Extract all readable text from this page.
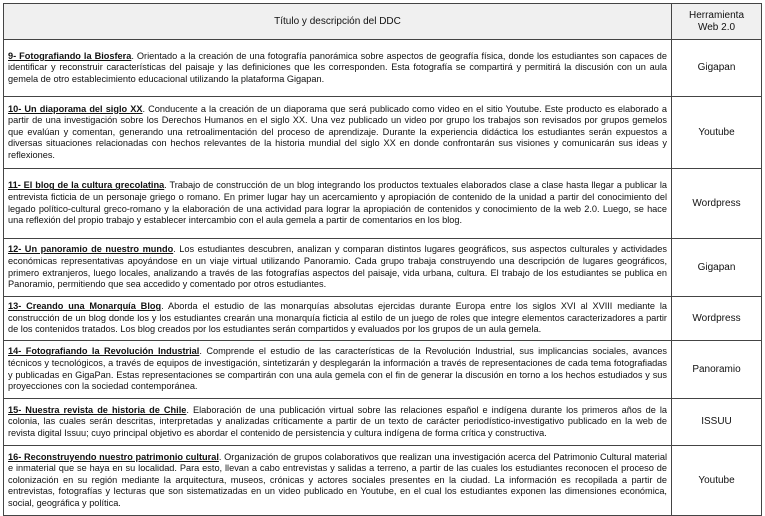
Título y descripción del DDC	Herramienta
Web 2.0
9- Fotografiando la Biosfera. Orientado a la creación de una fotografía panorámica sobre aspectos de geografía física, donde los estudiantes son capaces de identificar y reconstruir características del paisaje y las definiciones que les corresponden. Esta fotografía se compartirá y permitirá la discusión con un aula gemela de otro establecimiento educacional utilizando la plataforma Gigapan.	Gigapan
10- Un diaporama del siglo XX. Conducente a la creación de un diaporama que será publicado como video en el sitio Youtube. Este producto es elaborado a partir de una investigación sobre los Derechos Humanos en el siglo XX. Una vez publicado un video por grupo los trabajos son revisados por grupos gemelos que evalúan y comentan, generando una retroalimentación del proceso de aprendizaje. Durante la experiencia didáctica los estudiantes serán expuestos a diversas situaciones relacionadas con hechos relevantes de la historia mundial del siglo XX en donde confrontarán sus visiones y comunicarán sus ideas y reflexiones.	Youtube
11- El blog de la cultura grecolatina. Trabajo de construcción de un blog integrando los productos textuales elaborados clase a clase hasta llegar a publicar la entrevista ficticia de un personaje griego o romano. En primer lugar hay un acercamiento y apropiación de contenido de la unidad a partir del conocimiento del legado político-cultural greco-romano y la elaboración de una actividad para lograr la apropiación de contenidos y conocimiento de la web 2.0. Luego, se hace una reflexión del propio trabajo y establecer intercambio con el aula gemela a partir de comentarios en los blog.	Wordpress
12- Un panoramio de nuestro mundo. Los estudiantes descubren, analizan y comparan distintos lugares geográficos, sus aspectos culturales y actividades económicas representativas apoyándose en un viaje virtual utilizando Panoramio. Cada grupo trabaja construyendo una descripción de lugares geográficos, primero extranjeros, luego locales, analizando a través de las fotografías aspectos del paisaje, vida urbana, cultura. El trabajo de los estudiantes se publica en Panoramio, permitiendo que sea accedido y comentado por otros estudiantes.	Gigapan
13- Creando una Monarquía Blog. Aborda el estudio de las monarquías absolutas ejercidas durante Europa entre los siglos XVI al XVIII mediante la construcción de un blog donde los y los estudiantes crearán una monarquía ficticia al estilo de un juego de roles que integre elementos caracterizadores a partir de los contenidos tratados. Los blog creados por los estudiantes serán compartidos y evaluados por los grupos de un aula gemela.	Wordpress
14- Fotografiando la Revolución Industrial. Comprende el estudio de las características de la Revolución Industrial, sus implicancias sociales, avances técnicos y tecnológicos, a través de equipos de investigación, sintetizarán y desplegarán la información a través de representaciones de cada tema fotografiadas y publicadas en GigaPan. Estas representaciones se compartirán con una aula gemela con el fin de generar la discusión en torno a los hechos estudiados y sus proyecciones con la sociedad contemporánea.	Panoramio
15- Nuestra revista de historia de Chile. Elaboración de una publicación virtual sobre las relaciones español e indígena durante los primeros años de la colonia, las cuales serán descritas, interpretadas y analizadas críticamente a partir de un texto de carácter periodístico-investigativo publicado en la web de revista digital Issuu; cuyo principal objetivo es abordar el contenido de persistencia y cultura indígena de forma crítica y constructiva.	ISSUU
16- Reconstruyendo nuestro patrimonio cultural. Organización de grupos colaborativos que realizan una investigación acerca del Patrimonio Cultural material e inmaterial que se haya en su localidad. Para esto, llevan a cabo entrevistas y salidas a terreno, a partir de las cuales los estudiantes reconocen el proceso de colonización en su región mediante la arquitectura, museos, crónicas y actores sociales presentes en la ciudad. La información es recopilada a partir de entrevistas, fotografías y lecturas que son sistematizadas en un video publicado en Youtube, en el cual los estudiantes exponen las dimensiones económica, social, geográfica y política.	Youtube
